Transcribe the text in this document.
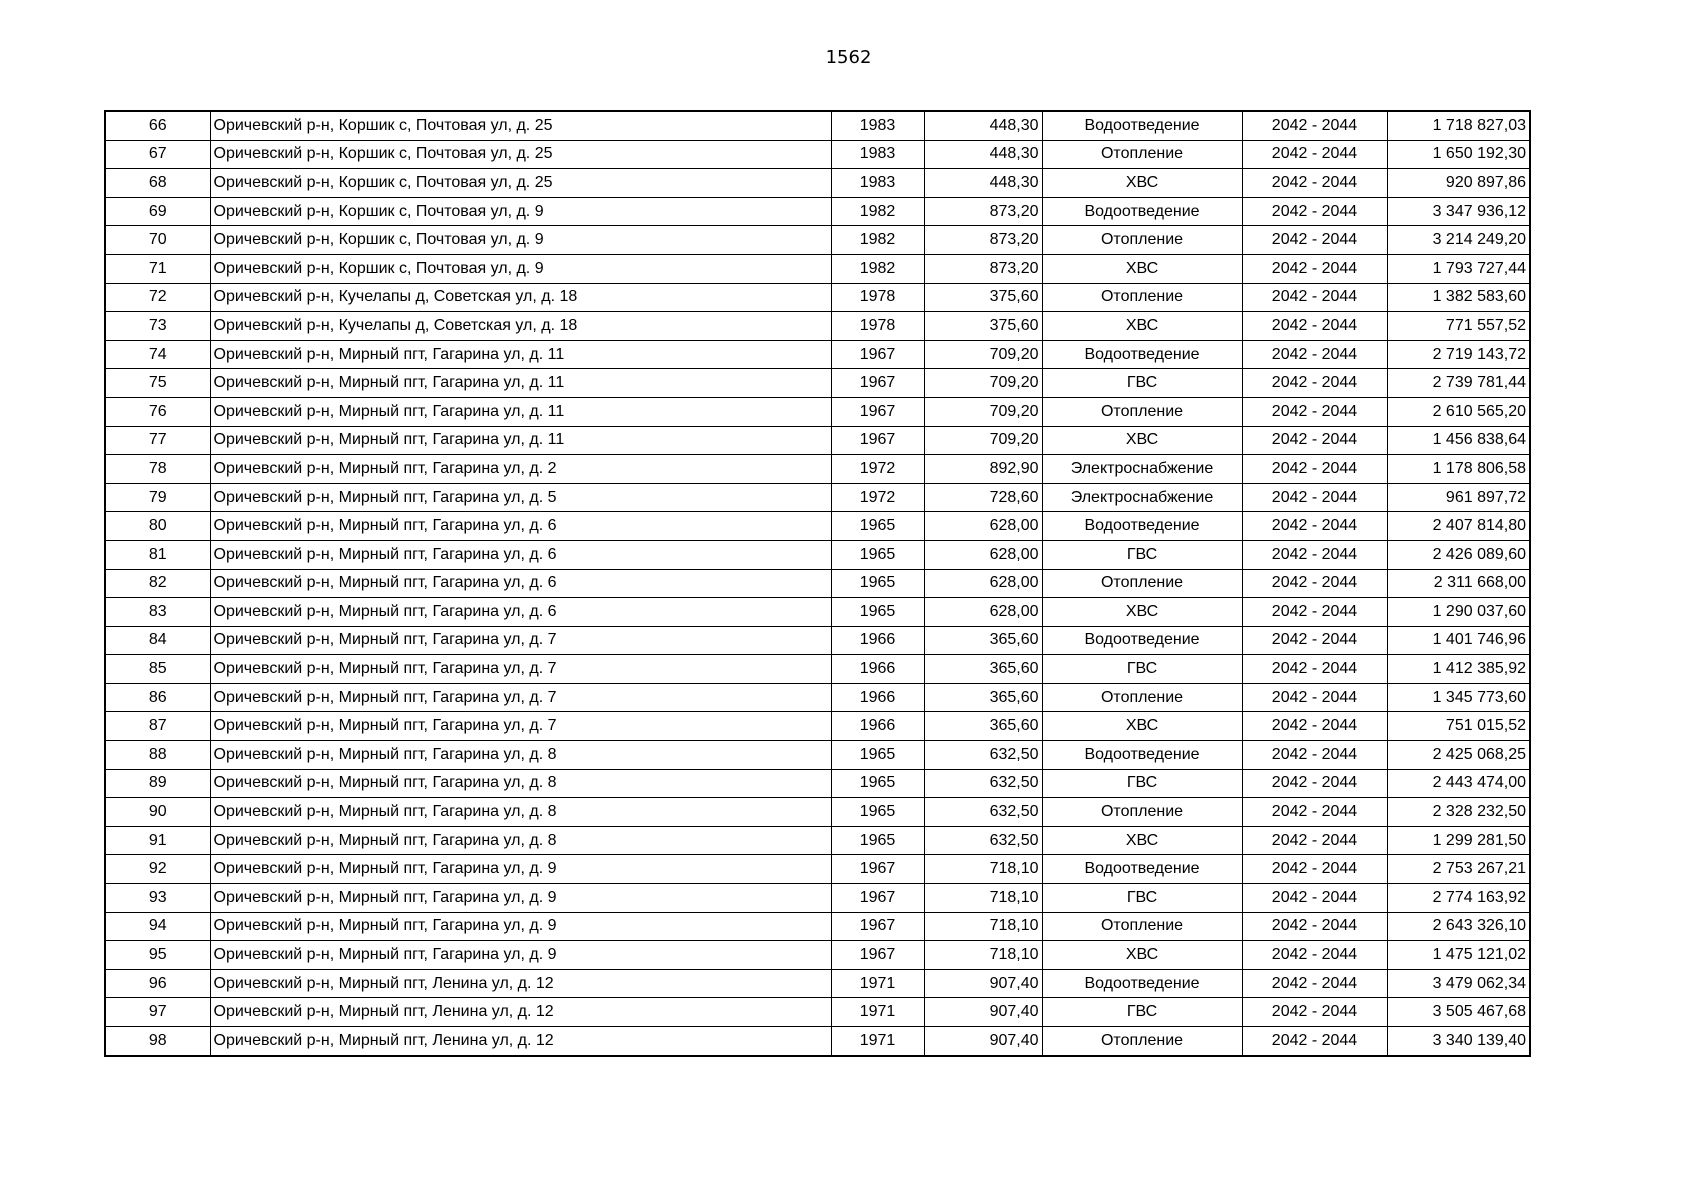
1562
66	Оричевский р-н, Коршик с, Почтовая ул, д. 25	1983	448,30	Водоотведение	2042 - 2044	1 718 827,03
67	Оричевский р-н, Коршик с, Почтовая ул, д. 25	1983	448,30	Отопление	2042 - 2044	1 650 192,30
68	Оричевский р-н, Коршик с, Почтовая ул, д. 25	1983	448,30	ХВС	2042 - 2044	920 897,86
69	Оричевский р-н, Коршик с, Почтовая ул, д. 9	1982	873,20	Водоотведение	2042 - 2044	3 347 936,12
70	Оричевский р-н, Коршик с, Почтовая ул, д. 9	1982	873,20	Отопление	2042 - 2044	3 214 249,20
71	Оричевский р-н, Коршик с, Почтовая ул, д. 9	1982	873,20	ХВС	2042 - 2044	1 793 727,44
72	Оричевский р-н, Кучелапы д, Советская ул, д. 18	1978	375,60	Отопление	2042 - 2044	1 382 583,60
73	Оричевский р-н, Кучелапы д, Советская ул, д. 18	1978	375,60	ХВС	2042 - 2044	771 557,52
74	Оричевский р-н, Мирный пгт, Гагарина ул, д. 11	1967	709,20	Водоотведение	2042 - 2044	2 719 143,72
75	Оричевский р-н, Мирный пгт, Гагарина ул, д. 11	1967	709,20	ГВС	2042 - 2044	2 739 781,44
76	Оричевский р-н, Мирный пгт, Гагарина ул, д. 11	1967	709,20	Отопление	2042 - 2044	2 610 565,20
77	Оричевский р-н, Мирный пгт, Гагарина ул, д. 11	1967	709,20	ХВС	2042 - 2044	1 456 838,64
78	Оричевский р-н, Мирный пгт, Гагарина ул, д. 2	1972	892,90	Электроснабжение	2042 - 2044	1 178 806,58
79	Оричевский р-н, Мирный пгт, Гагарина ул, д. 5	1972	728,60	Электроснабжение	2042 - 2044	961 897,72
80	Оричевский р-н, Мирный пгт, Гагарина ул, д. 6	1965	628,00	Водоотведение	2042 - 2044	2 407 814,80
81	Оричевский р-н, Мирный пгт, Гагарина ул, д. 6	1965	628,00	ГВС	2042 - 2044	2 426 089,60
82	Оричевский р-н, Мирный пгт, Гагарина ул, д. 6	1965	628,00	Отопление	2042 - 2044	2 311 668,00
83	Оричевский р-н, Мирный пгт, Гагарина ул, д. 6	1965	628,00	ХВС	2042 - 2044	1 290 037,60
84	Оричевский р-н, Мирный пгт, Гагарина ул, д. 7	1966	365,60	Водоотведение	2042 - 2044	1 401 746,96
85	Оричевский р-н, Мирный пгт, Гагарина ул, д. 7	1966	365,60	ГВС	2042 - 2044	1 412 385,92
86	Оричевский р-н, Мирный пгт, Гагарина ул, д. 7	1966	365,60	Отопление	2042 - 2044	1 345 773,60
87	Оричевский р-н, Мирный пгт, Гагарина ул, д. 7	1966	365,60	ХВС	2042 - 2044	751 015,52
88	Оричевский р-н, Мирный пгт, Гагарина ул, д. 8	1965	632,50	Водоотведение	2042 - 2044	2 425 068,25
89	Оричевский р-н, Мирный пгт, Гагарина ул, д. 8	1965	632,50	ГВС	2042 - 2044	2 443 474,00
90	Оричевский р-н, Мирный пгт, Гагарина ул, д. 8	1965	632,50	Отопление	2042 - 2044	2 328 232,50
91	Оричевский р-н, Мирный пгт, Гагарина ул, д. 8	1965	632,50	ХВС	2042 - 2044	1 299 281,50
92	Оричевский р-н, Мирный пгт, Гагарина ул, д. 9	1967	718,10	Водоотведение	2042 - 2044	2 753 267,21
93	Оричевский р-н, Мирный пгт, Гагарина ул, д. 9	1967	718,10	ГВС	2042 - 2044	2 774 163,92
94	Оричевский р-н, Мирный пгт, Гагарина ул, д. 9	1967	718,10	Отопление	2042 - 2044	2 643 326,10
95	Оричевский р-н, Мирный пгт, Гагарина ул, д. 9	1967	718,10	ХВС	2042 - 2044	1 475 121,02
96	Оричевский р-н, Мирный пгт, Ленина ул, д. 12	1971	907,40	Водоотведение	2042 - 2044	3 479 062,34
97	Оричевский р-н, Мирный пгт, Ленина ул, д. 12	1971	907,40	ГВС	2042 - 2044	3 505 467,68
98	Оричевский р-н, Мирный пгт, Ленина ул, д. 12	1971	907,40	Отопление	2042 - 2044	3 340 139,40
